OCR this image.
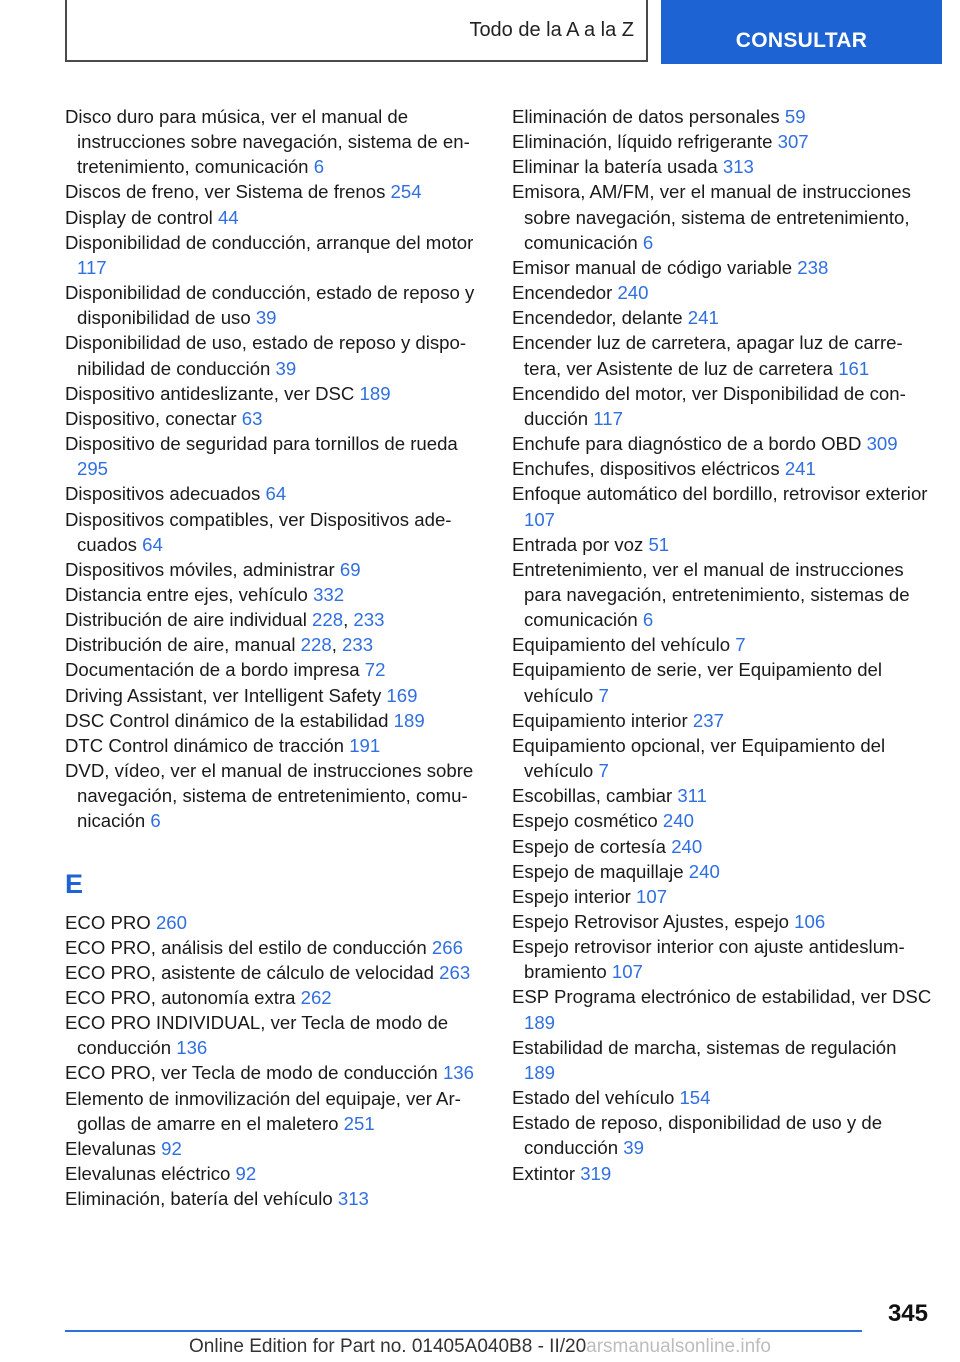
Todo de la A a la Z	CONSULTAR
Disco duro para música, ver el manual de instrucciones sobre navegación, sistema de entretenimiento, comunicación 6
Discos de freno, ver Sistema de frenos 254
Display de control 44
Disponibilidad de conducción, arranque del motor 117
Disponibilidad de conducción, estado de reposo y disponibilidad de uso 39
Disponibilidad de uso, estado de reposo y disponibilidad de conducción 39
Dispositivo antideslizante, ver DSC 189
Dispositivo, conectar 63
Dispositivo de seguridad para tornillos de rueda 295
Dispositivos adecuados 64
Dispositivos compatibles, ver Dispositivos adecuados 64
Dispositivos móviles, administrar 69
Distancia entre ejes, vehículo 332
Distribución de aire individual 228, 233
Distribución de aire, manual 228, 233
Documentación de a bordo impresa 72
Driving Assistant, ver Intelligent Safety 169
DSC Control dinámico de la estabilidad 189
DTC Control dinámico de tracción 191
DVD, vídeo, ver el manual de instrucciones sobre navegación, sistema de entretenimiento, comunicación 6
E
ECO PRO 260
ECO PRO, análisis del estilo de conducción 266
ECO PRO, asistente de cálculo de velocidad 263
ECO PRO, autonomía extra 262
ECO PRO INDIVIDUAL, ver Tecla de modo de conducción 136
ECO PRO, ver Tecla de modo de conducción 136
Elemento de inmovilización del equipaje, ver Argollas de amarre en el maletero 251
Elevalunas 92
Elevalunas eléctrico 92
Eliminación, batería del vehículo 313
Eliminación de datos personales 59
Eliminación, líquido refrigerante 307
Eliminar la batería usada 313
Emisora, AM/FM, ver el manual de instrucciones sobre navegación, sistema de entretenimiento, comunicación 6
Emisor manual de código variable 238
Encendedor 240
Encendedor, delante 241
Encender luz de carretera, apagar luz de carretera, ver Asistente de luz de carretera 161
Encendido del motor, ver Disponibilidad de conducción 117
Enchufe para diagnóstico de a bordo OBD 309
Enchufes, dispositivos eléctricos 241
Enfoque automático del bordillo, retrovisor exterior 107
Entrada por voz 51
Entretenimiento, ver el manual de instrucciones para navegación, entretenimiento, sistemas de comunicación 6
Equipamiento del vehículo 7
Equipamiento de serie, ver Equipamiento del vehículo 7
Equipamiento interior 237
Equipamiento opcional, ver Equipamiento del vehículo 7
Escobillas, cambiar 311
Espejo cosmético 240
Espejo de cortesía 240
Espejo de maquillaje 240
Espejo interior 107
Espejo Retrovisor Ajustes, espejo 106
Espejo retrovisor interior con ajuste antideslumbramiento 107
ESP Programa electrónico de estabilidad, ver DSC 189
Estabilidad de marcha, sistemas de regulación 189
Estado del vehículo 154
Estado de reposo, disponibilidad de uso y de conducción 39
Extintor 319
345
Online Edition for Part no. 01405A040B8 - II/20arsmanualsonline.info
